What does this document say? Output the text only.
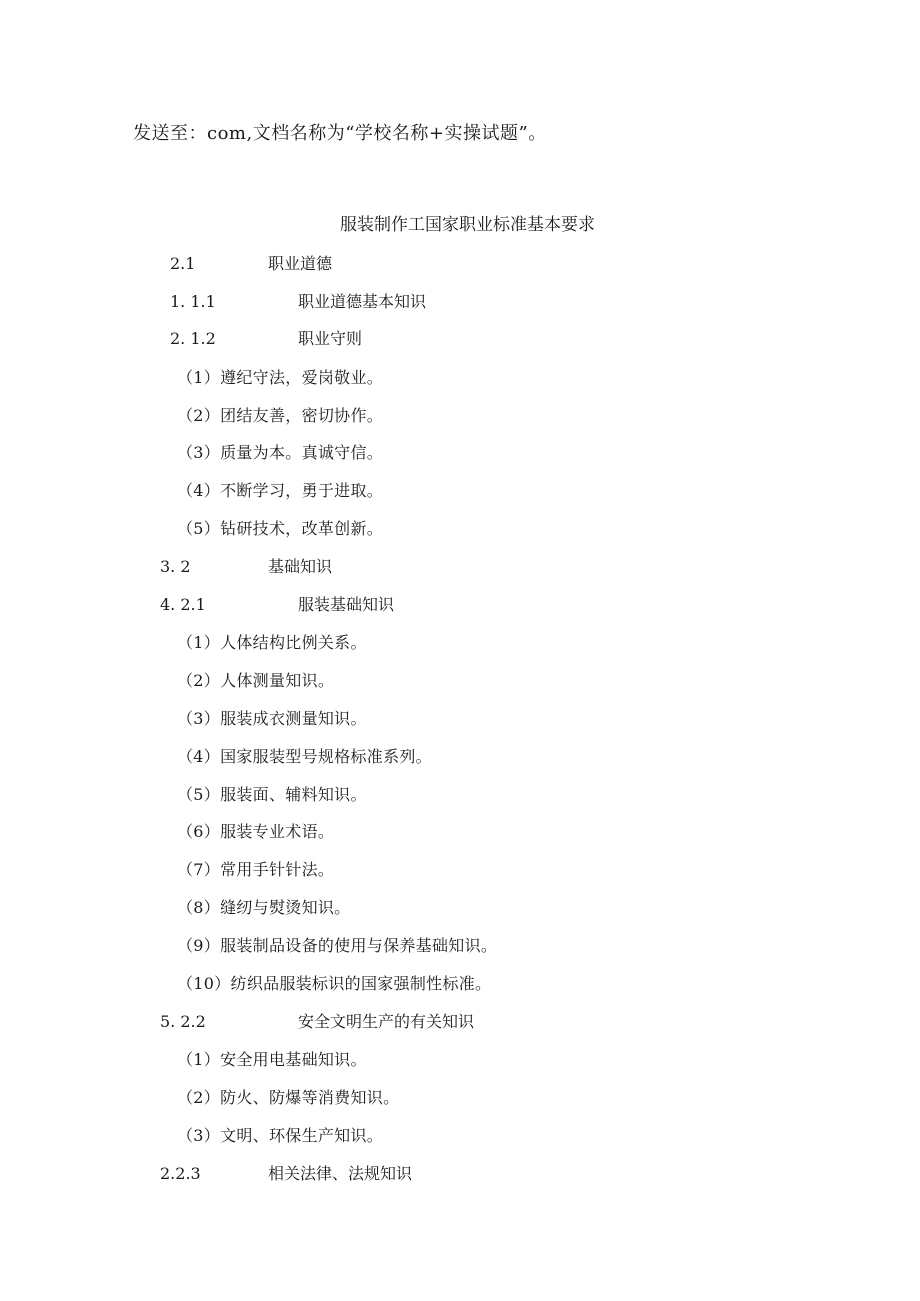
发送至：com,文档名称为“学校名称+实操试题”。
服装制作工国家职业标准基本要求
2.1	职业道德
1. 1.1	职业道德基本知识
2. 1.2	职业守则
（1）遵纪守法，爱岗敬业。
（2）团结友善，密切协作。
（3）质量为本。真诚守信。
（4）不断学习，勇于进取。
（5）钻研技术，改革创新。
3. 2	基础知识
4. 2.1	服装基础知识
（1）人体结构比例关系。
（2）人体测量知识。
（3）服装成衣测量知识。
（4）国家服装型号规格标准系列。
（5）服装面、辅料知识。
（6）服装专业术语。
（7）常用手针针法。
（8）缝纫与熨烫知识。
（9）服装制品设备的使用与保养基础知识。
（10）纺织品服装标识的国家强制性标准。
5. 2.2	安全文明生产的有关知识
（1）安全用电基础知识。
（2）防火、防爆等消费知识。
（3）文明、环保生产知识。
2.2.3	相关法律、法规知识
